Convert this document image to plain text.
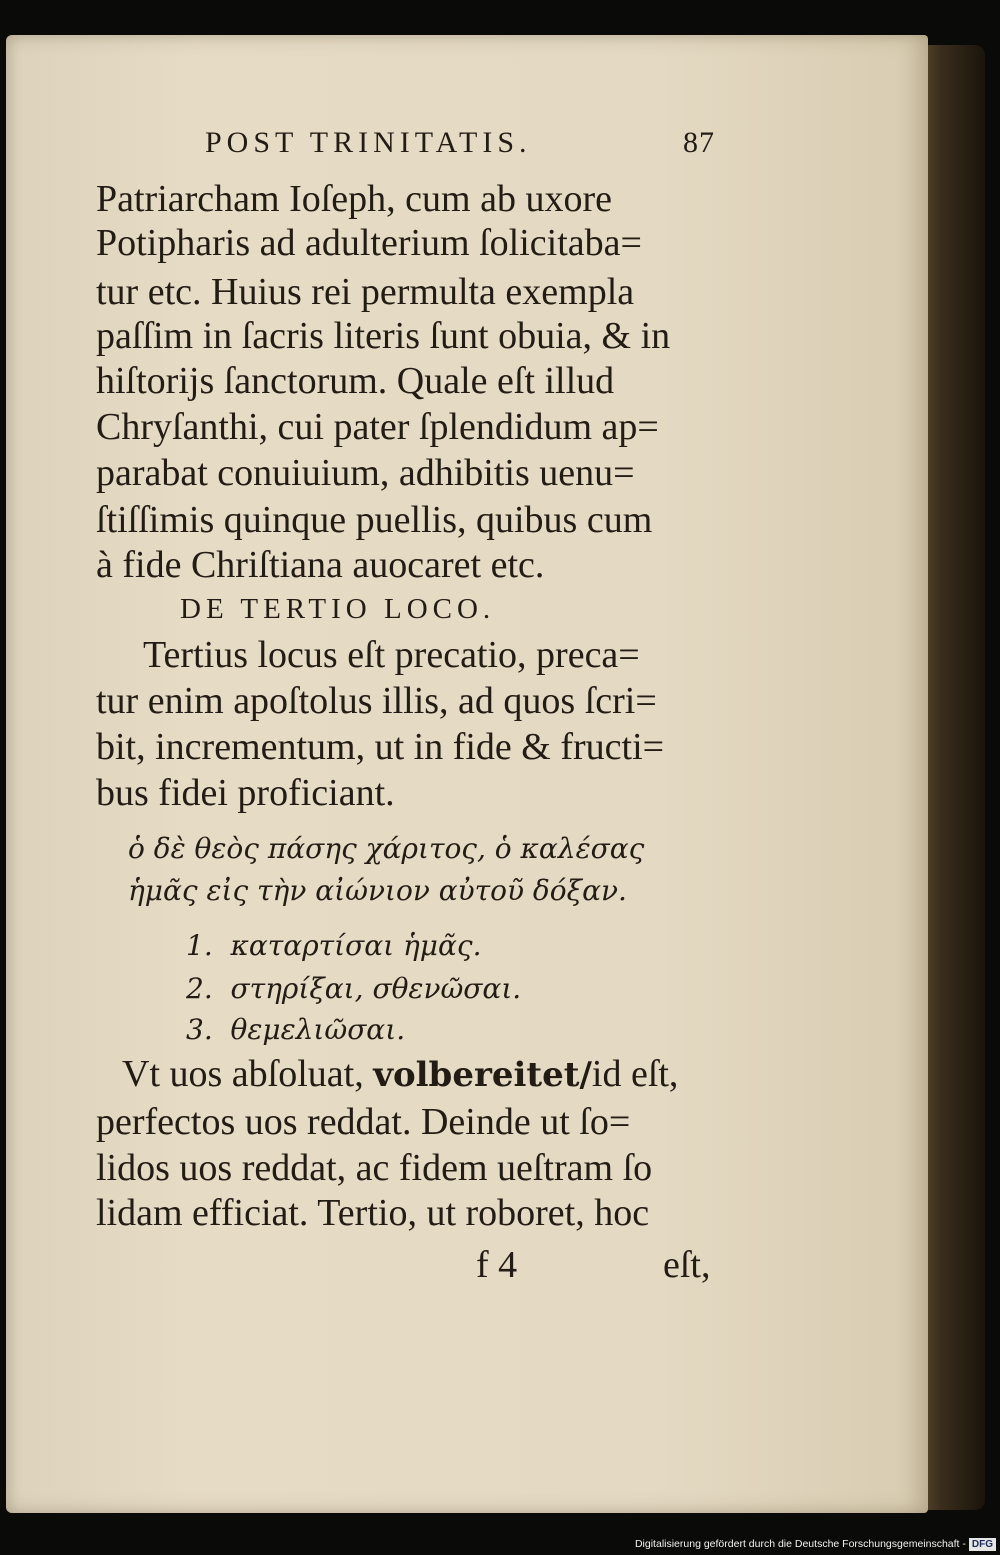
POST TRINITATIS.	87
Patriarcham Ioſeph, cum ab uxore
Potipharis ad adulterium ſolicitaba=
tur etc. Huius rei permulta exempla
paſſim in ſacris literis ſunt obuia, & in
hiſtorijs ſanctorum. Quale eſt illud
Chryſanthi, cui pater ſplendidum ap=
parabat conuiuium, adhibitis uenu=
ſtiſſimis quinque puellis, quibus cum
à fide Chriſtiana auocaret etc.
DE TERTIO LOCO.
Tertius locus eſt precatio, preca=
tur enim apoſtolus illis, ad quos ſcri=
bit, incrementum, ut in fide & fructi=
bus fidei proficiant.
ὁ δὲ θεὸς πάσης χάριτος, ὁ καλέσας
ἡμᾶς εἰς τὴν αἰώνιον αὐτοῦ δόξαν.
1. καταρτίσαι ἡμᾶς.
2. στηρίξαι, σθενῶσαι.
3. θεμελιῶσαι.
Vt uos abſoluat, volbereitet/id eſt,
perfectos uos reddat. Deinde ut ſo=
lidos uos reddat, ac fidem ueſtram ſo
lidam efficiat. Tertio, ut roboret, hoc
f 4	eſt,
Digitalisierung gefördert durch die Deutsche Forschungsgemeinschaft - DFG
